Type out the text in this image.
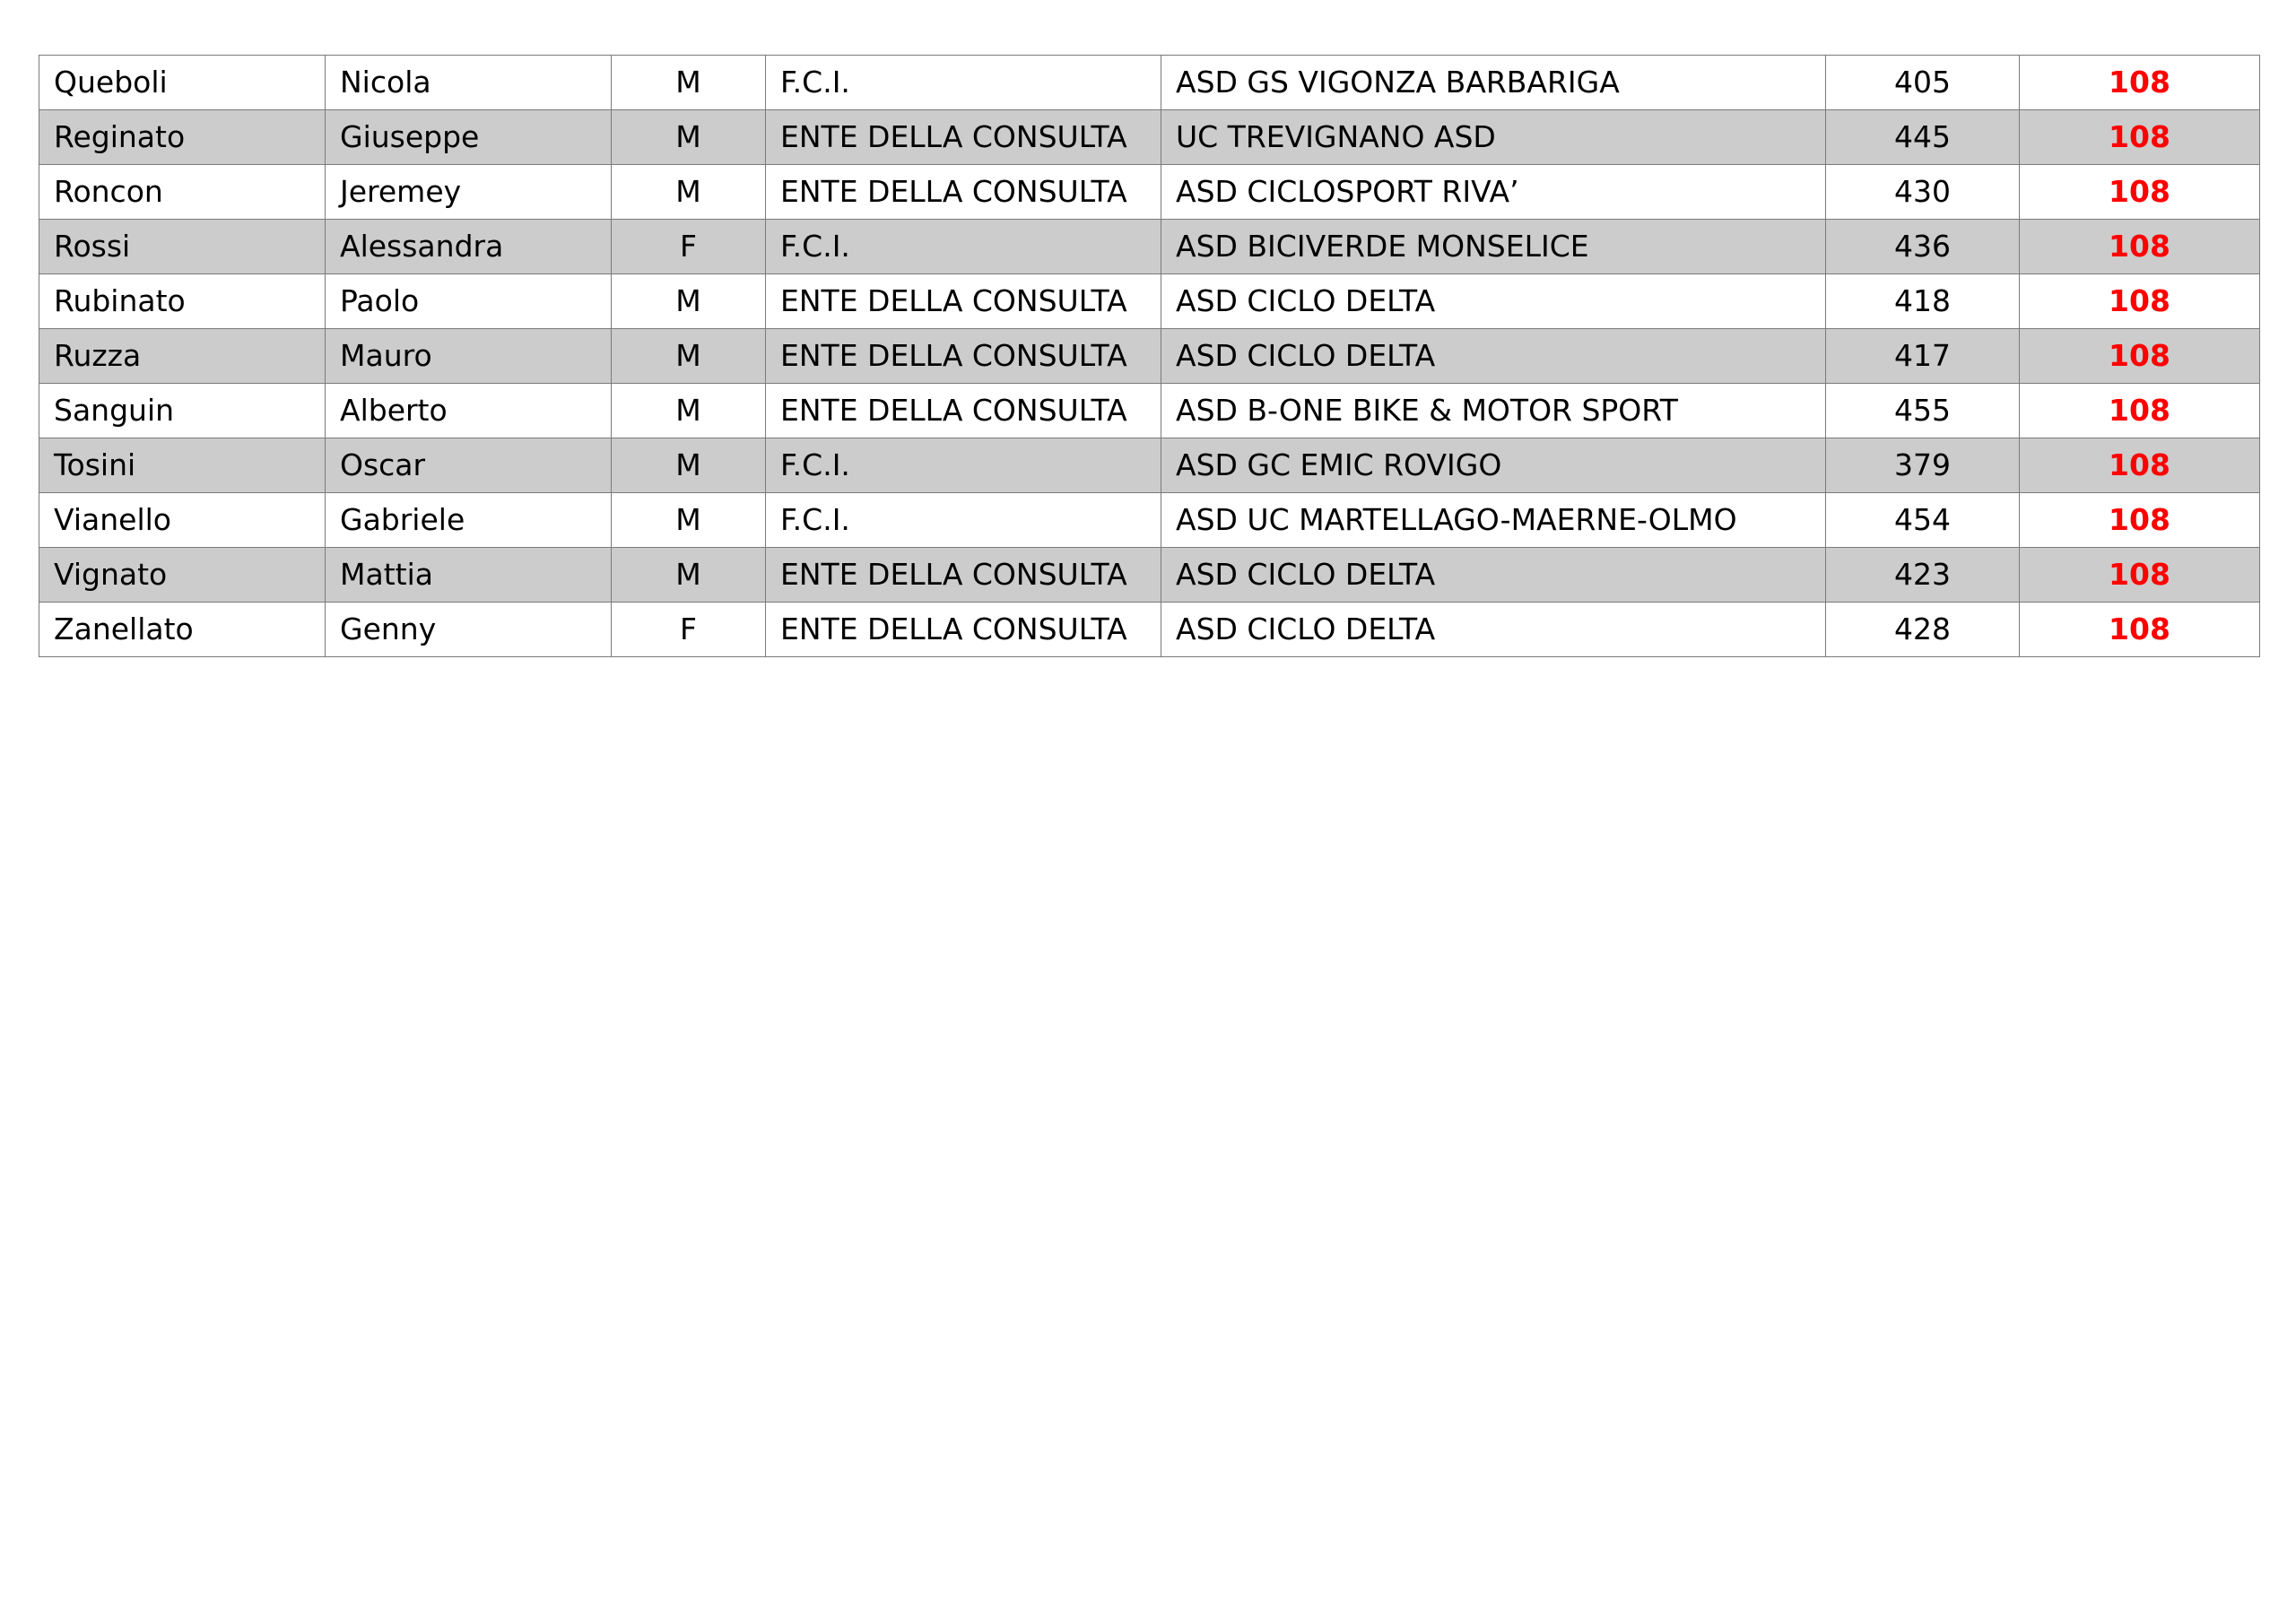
Queboli	Nicola	M	F.C.I.	ASD GS VIGONZA BARBARIGA	405	108
Reginato	Giuseppe	M	ENTE DELLA CONSULTA	UC TREVIGNANO ASD	445	108
Roncon	Jeremey	M	ENTE DELLA CONSULTA	ASD CICLOSPORT RIVA’	430	108
Rossi	Alessandra	F	F.C.I.	ASD BICIVERDE MONSELICE	436	108
Rubinato	Paolo	M	ENTE DELLA CONSULTA	ASD CICLO DELTA	418	108
Ruzza	Mauro	M	ENTE DELLA CONSULTA	ASD CICLO DELTA	417	108
Sanguin	Alberto	M	ENTE DELLA CONSULTA	ASD B-ONE BIKE & MOTOR SPORT	455	108
Tosini	Oscar	M	F.C.I.	ASD GC EMIC ROVIGO	379	108
Vianello	Gabriele	M	F.C.I.	ASD UC MARTELLAGO-MAERNE-OLMO	454	108
Vignato	Mattia	M	ENTE DELLA CONSULTA	ASD CICLO DELTA	423	108
Zanellato	Genny	F	ENTE DELLA CONSULTA	ASD CICLO DELTA	428	108
